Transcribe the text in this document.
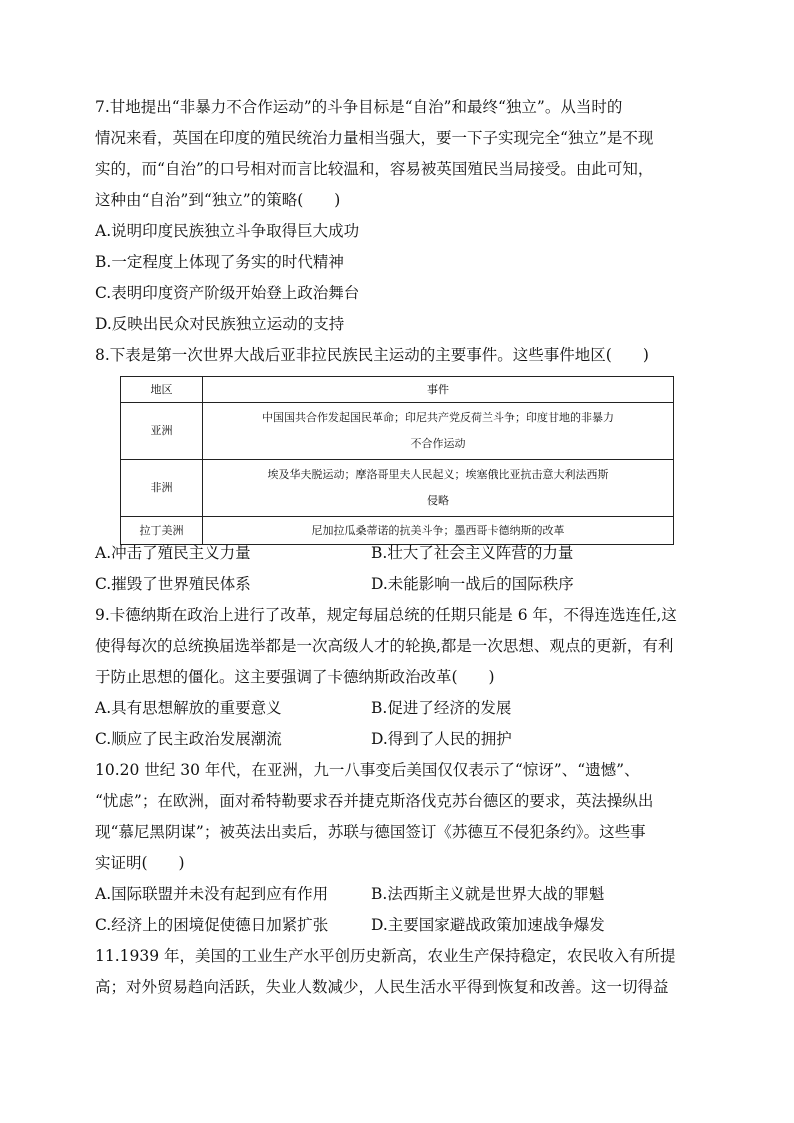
7.甘地提出“非暴力不合作运动”的斗争目标是“自治”和最终“独立”。从当时的
情况来看，英国在印度的殖民统治力量相当强大，要一下子实现完全“独立”是不现
实的，而“自治”的口号相对而言比较温和，容易被英国殖民当局接受。由此可知，
这种由“自治”到“独立”的策略(　　)
A.说明印度民族独立斗争取得巨大成功
B.一定程度上体现了务实的时代精神
C.表明印度资产阶级开始登上政治舞台
D.反映出民众对民族独立运动的支持
8.下表是第一次世界大战后亚非拉民族民主运动的主要事件。这些事件地区(　　)
地区	事件
亚洲	中国国共合作发起国民革命；印尼共产党反荷兰斗争；印度甘地的非暴力
不合作运动

非洲	埃及华夫脱运动；摩洛哥里夫人民起义；埃塞俄比亚抗击意大利法西斯
侵略

拉丁美洲	尼加拉瓜桑蒂诺的抗美斗争；墨西哥卡德纳斯的改革
A.冲击了殖民主义力量	B.壮大了社会主义阵营的力量
C.摧毁了世界殖民体系	D.未能影响一战后的国际秩序
9.卡德纳斯在政治上进行了改革，规定每届总统的任期只能是 6 年，不得连选连任,这
使得每次的总统换届选举都是一次高级人才的轮换,都是一次思想、观点的更新，有利
于防止思想的僵化。这主要强调了卡德纳斯政治改革(　　)
A.具有思想解放的重要意义	B.促进了经济的发展
C.顺应了民主政治发展潮流	D.得到了人民的拥护
10.20 世纪 30 年代，在亚洲，九一八事变后美国仅仅表示了“惊讶”、“遗憾”、
“忧虑”；在欧洲，面对希特勒要求吞并捷克斯洛伐克苏台德区的要求，英法操纵出
现“慕尼黑阴谋”；被英法出卖后，苏联与德国签订《苏德互不侵犯条约》。这些事
实证明(　　)
A.国际联盟并未没有起到应有作用	B.法西斯主义就是世界大战的罪魁
C.经济上的困境促使德日加紧扩张	D.主要国家避战政策加速战争爆发
11.1939 年，美国的工业生产水平创历史新高，农业生产保持稳定，农民收入有所提
高；对外贸易趋向活跃，失业人数减少，人民生活水平得到恢复和改善。这一切得益
